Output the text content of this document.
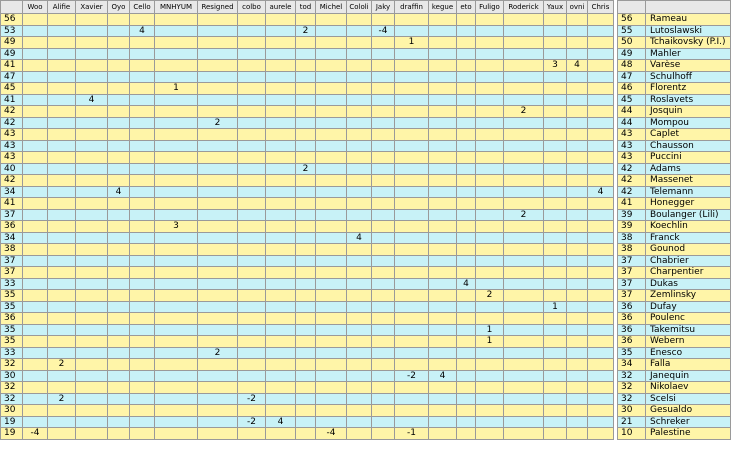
	Woo	Alifie	Xavier	Oyo	Cello	MNHYUM	Resigned	colbo	aurele	tod	Michel	Cololi	Jaky	draffin	kegue	eto	Fuligo	Roderick	Yaux	ovni	Chris
56																					
53					4					2			-4								
49														1							
49																					
41																			3	4	
47																					
45						1															
41			4																		
42																		2			
42							2														
43																					
43																					
43																					
40										2											
42																					
34				4																	4
41																					
37																		2			
36						3															
34												4									
38																					
37																					
37																					
33																4					
35																	2				
35																			1		
36																					
35																	1				
35																	1				
33							2														
32		2																			
30														-2	4						
32																					
32		2						-2													
30																					
19								-2	4												
19	-4										-4			-1							

56	Rameau
55	Lutoslawski
50	Tchaikovsky (P.I.)
49	Mahler
48	Varèse
47	Schulhoff
46	Florentz
45	Roslavets
44	Josquin
44	Mompou
43	Caplet
43	Chausson
43	Puccini
42	Adams
42	Massenet
42	Telemann
41	Honegger
39	Boulanger (Lili)
39	Koechlin
38	Franck
38	Gounod
37	Chabrier
37	Charpentier
37	Dukas
37	Zemlinsky
36	Dufay
36	Poulenc
36	Takemitsu
36	Webern
35	Enesco
34	Falla
32	Janequin
32	Nikolaev
32	Scelsi
30	Gesualdo
21	Schreker
10	Palestine
